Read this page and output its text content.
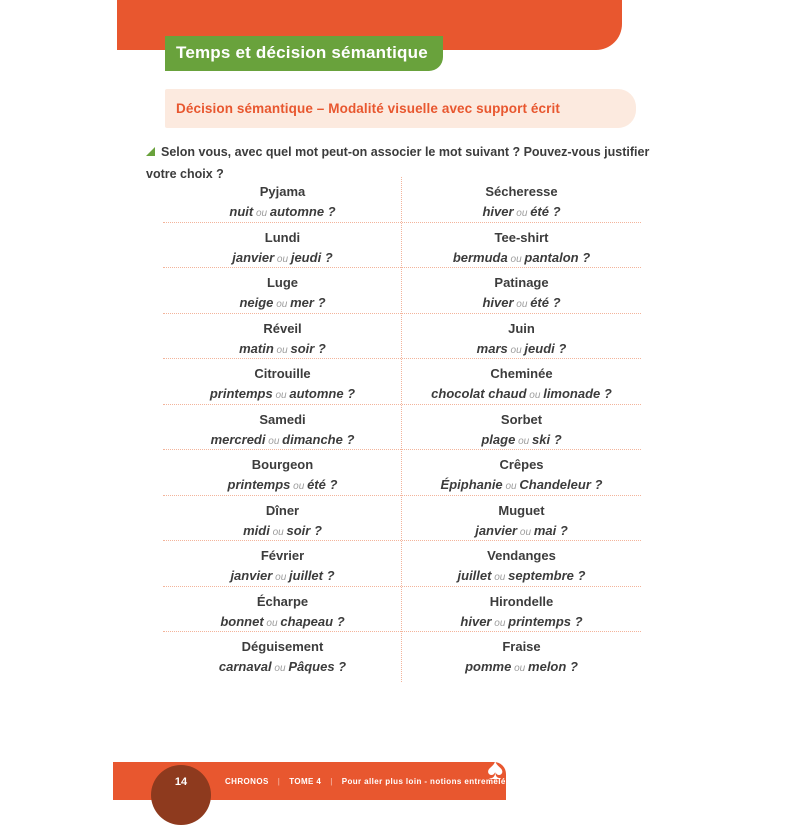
Temps et décision sémantique
Décision sémantique – Modalité visuelle avec support écrit
Selon vous, avec quel mot peut-on associer le mot suivant ? Pouvez-vous justifier votre choix ?
Pyjama
nuit ou automne ?
Sécheresse
hiver ou été ?
Lundi
janvier ou jeudi ?
Tee-shirt
bermuda ou pantalon ?
Luge
neige ou mer ?
Patinage
hiver ou été ?
Réveil
matin ou soir ?
Juin
mars ou jeudi ?
Citrouille
printemps ou automne ?
Cheminée
chocolat chaud ou limonade ?
Samedi
mercredi ou dimanche ?
Sorbet
plage ou ski ?
Bourgeon
printemps ou été ?
Crêpes
Épiphanie ou Chandeleur ?
Dîner
midi ou soir ?
Muguet
janvier ou mai ?
Février
janvier ou juillet ?
Vendanges
juillet ou septembre ?
Écharpe
bonnet ou chapeau ?
Hirondelle
hiver ou printemps ?
Déguisement
carnaval ou Pâques ?
Fraise
pomme ou melon ?
CHRONOS | TOME 4 | Pour aller plus loin - notions entremêlées
♠
14
